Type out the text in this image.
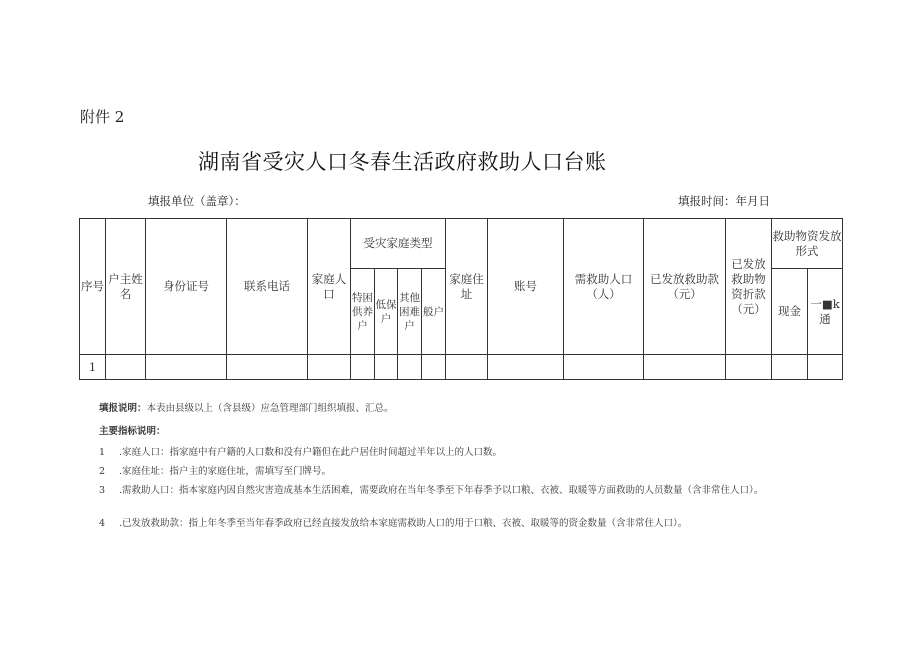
附件 2
湖南省受灾人口冬春生活政府救助人口台账
填报单位（盖章）：	填报时间：年月日
序号	户主姓名	身份证号	联系电话	家庭人口	受灾家庭类型				家庭住址	账号	需救助人口（人）	已发放救助款（元）	已发放救助物资折款（元）	救助物资发放形式	
					特困供养户	低保户	其他困难户	般户						现金	一■k通
1															
填报说明：本表由县级以上（含县级）应急管理部门组织填报、汇总。
主要指标说明：
1 .家庭人口：指家庭中有户籍的人口数和没有户籍但在此户居住时间超过半年以上的人口数。
2 .家庭住址：指户主的家庭住址，需填写至门牌号。
3 .需救助人口：指本家庭内因自然灾害造成基本生活困难，需要政府在当年冬季至下年春季予以口粮、衣被、取暖等方面救助的人员数量（含非常住人口）。
4 .已发放救助款：指上年冬季至当年春季政府已经直接发放给本家庭需救助人口的用于口粮、衣被、取暖等的资金数量（含非常住人口）。
